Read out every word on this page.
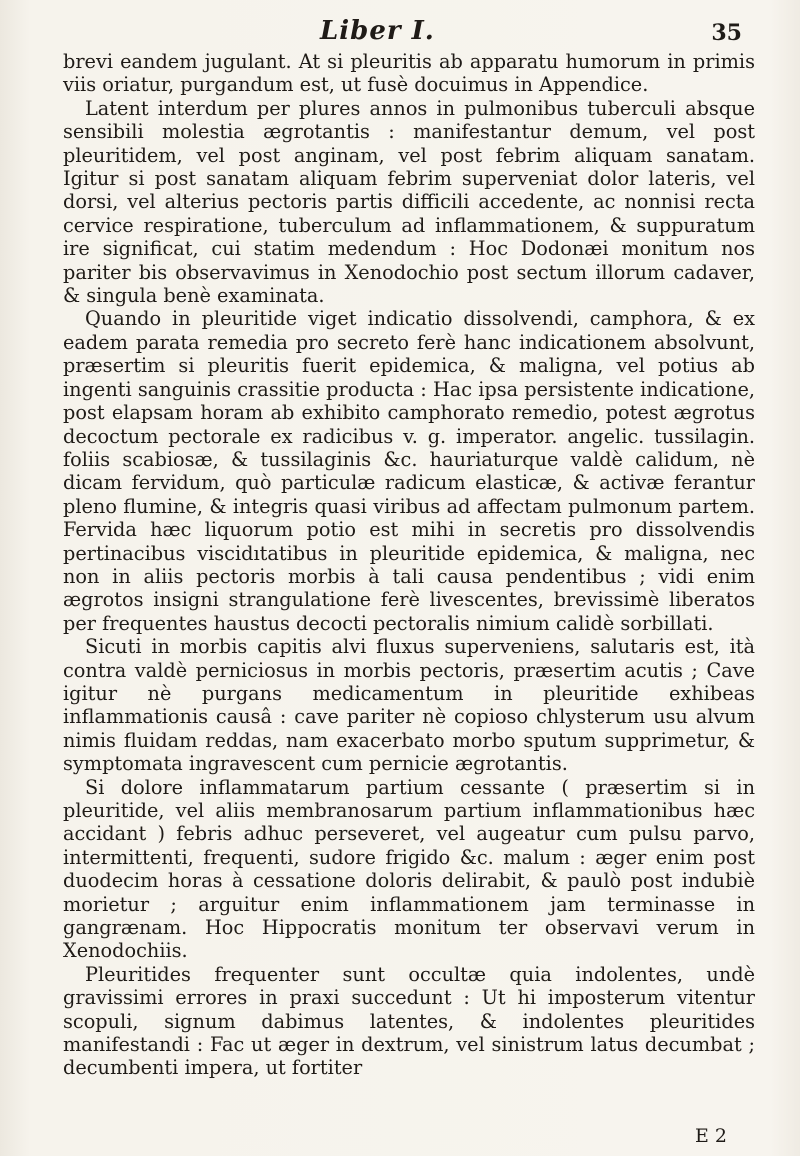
Liber I.	35

brevi eandem jugulant. At si pleuritis ab apparatu humorum in primis viis oriatur, purgandum est, ut fusè docuimus in Appendice.

Latent interdum per plures annos in pulmonibus tuberculi absque sensibili molestia ægrotantis : manifestantur demum, vel post pleuritidem, vel post anginam, vel post febrim aliquam sanatam. Igitur si post sanatam aliquam febrim superveniat dolor lateris, vel dorsi, vel alterius pectoris partis difficili accedente, ac nonnisi recta cervice respiratione, tuberculum ad inflammationem, & suppuratum ire significat, cui statim medendum : Hoc Dodonæi monitum nos pariter bis observavimus in Xenodochio post sectum illorum cadaver, & singula benè examinata.

Quando in pleuritide viget indicatio dissolvendi, camphora, & ex eadem parata remedia pro secreto ferè hanc indicationem absolvunt, præsertim si pleuritis fuerit epidemica, & maligna, vel potius ab ingenti sanguinis crassitie producta : Hac ipsa persistente indicatione, post elapsam horam ab exhibito camphorato remedio, potest ægrotus decoctum pectorale ex radicibus v. g. imperator. angelic. tussilagin. foliis scabiosæ, & tussilaginis &c. hauriaturque valdè calidum, nè dicam fervidum, quò particulæ radicum elasticæ, & activæ ferantur pleno flumine, & integris quasi viribus ad affectam pulmonum partem. Fervida hæc liquorum potio est mihi in secretis pro dissolvendis pertinacibus viscidıtatibus in pleuritide epidemica, & maligna, nec non in aliis pectoris morbis à tali causa pendentibus ; vidi enim ægrotos insigni strangulatione ferè livescentes, brevissimè liberatos per frequentes haustus decocti pectoralis nimium calidè sorbillati.

Sicuti in morbis capitis alvi fluxus superveniens, salutaris est, ità contra valdè perniciosus in morbis pectoris, præsertim acutis ; Cave igitur nè purgans medicamentum in pleuritide exhibeas inflammationis causâ : cave pariter nè copioso chlysterum usu alvum nimis fluidam reddas, nam exacerbato morbo sputum supprimetur, & symptomata ingravescent cum pernicie ægrotantis.

Si dolore inflammatarum partium cessante ( præsertim si in pleuritide, vel aliis membranosarum partium inflammationibus hæc accidant ) febris adhuc perseveret, vel augeatur cum pulsu parvo, intermittenti, frequenti, sudore frigido &c. malum : æger enim post duodecim horas à cessatione doloris delirabit, & paulò post indubiè morietur ; arguitur enim inflammationem jam terminasse in gangrænam. Hoc Hippocratis monitum ter observavi verum in Xenodochiis.

Pleuritides frequenter sunt occultæ quia indolentes, undè gravissimi errores in praxi succedunt : Ut hi imposterum vitentur scopuli, signum dabimus latentes, & indolentes pleuritides manifestandi : Fac ut æger in dextrum, vel sinistrum latus decumbat ; decumbenti impera, ut fortiter

E 2
